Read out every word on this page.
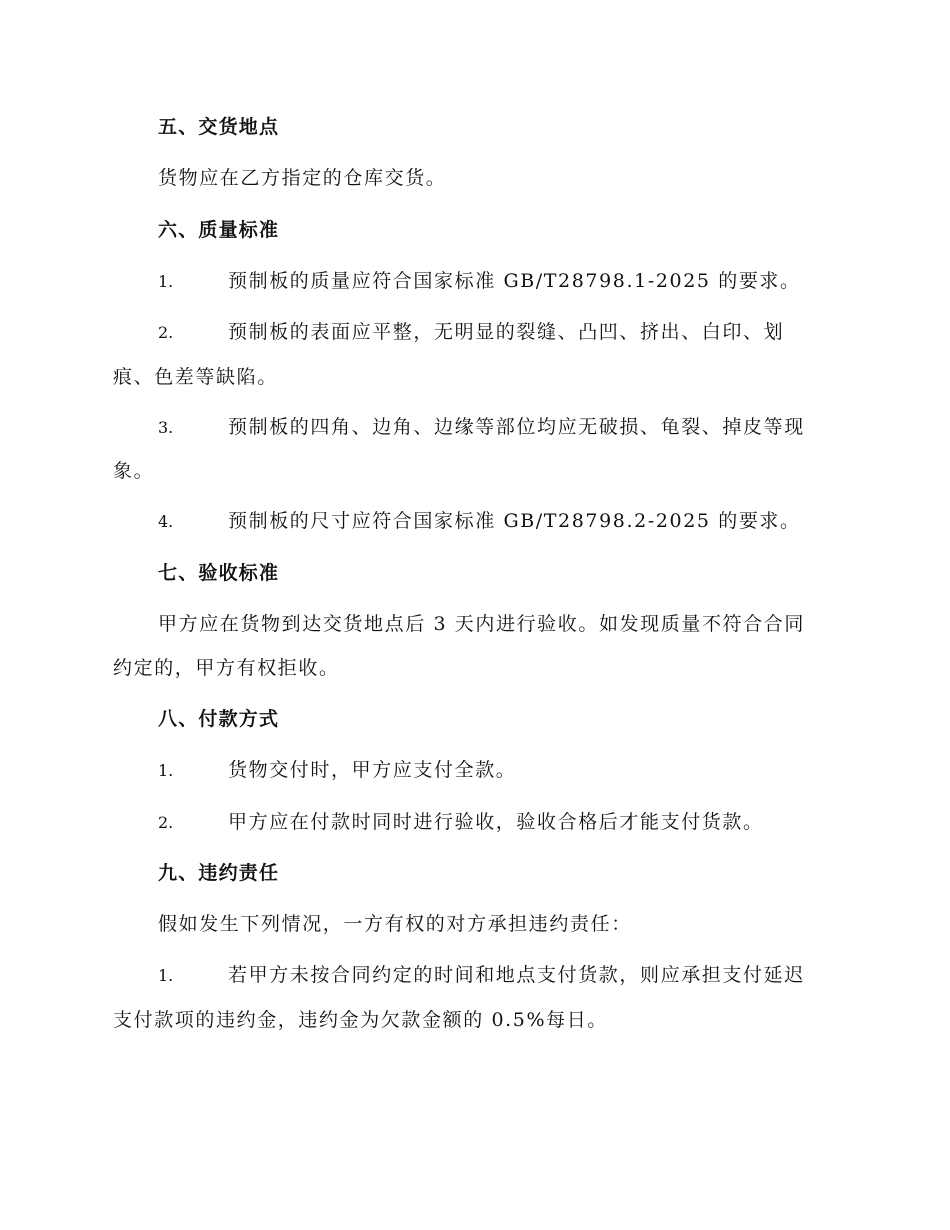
五、交货地点
货物应在乙方指定的仓库交货。
六、质量标准
1.	预制板的质量应符合国家标准 GB/T28798.1-2025 的要求。
2.	预制板的表面应平整，无明显的裂缝、凸凹、挤出、白印、划
痕、色差等缺陷。
3.	预制板的四角、边角、边缘等部位均应无破损、龟裂、掉皮等现
象。
4.	预制板的尺寸应符合国家标准 GB/T28798.2-2025 的要求。
七、验收标准
甲方应在货物到达交货地点后 3 天内进行验收。如发现质量不符合合同
约定的，甲方有权拒收。
八、付款方式
1.	货物交付时，甲方应支付全款。
2.	甲方应在付款时同时进行验收，验收合格后才能支付货款。
九、违约责任
假如发生下列情况，一方有权的对方承担违约责任：
1.	若甲方未按合同约定的时间和地点支付货款，则应承担支付延迟
支付款项的违约金，违约金为欠款金额的 0.5%每日。
